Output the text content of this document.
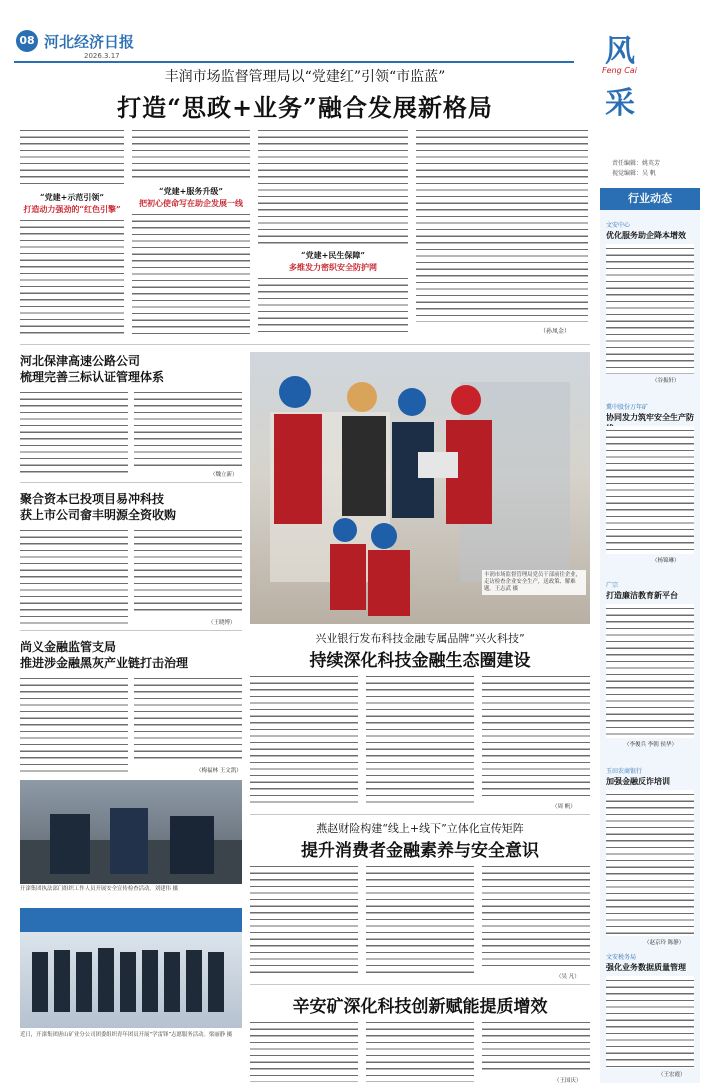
08 河北经济日报
2026.3.17	风
Feng Cai
采
责任编辑：姚英芳
视觉编辑：吴 帆
丰润市场监督管理局以“党建红”引领“市监蓝”
打造“思政+业务”融合发展新格局
“党建+示范引领”
打造动力强劲的“红色引擎”
“党建+服务升级”
把初心使命写在助企发展一线
“党建+民生保障”
多维发力密织安全防护网
（孙凤金）
行业动态
文安中心
优化服务助企降本增效
（谷振轩）
冀中股份万年矿
协同发力筑牢安全生产防
（杨锦琳）
广宗
打造廉洁教育新平台
（李俊兵 李朝 侯华）
玉田农商银行
加强金融反诈培训
（赵京玲 陈静）
文安税务局
强化业务数据质量管理
（王宏霞）
河北保津高速公路公司
梳理完善三标认证管理体系
（魏立新）
聚合资本已投项目易冲科技
获上市公司畲丰明源全资收购
（王晓博）
尚义金融监管支局
推进涉金融黑灰产业链打击治理
（梅福林 王文凯）
丰润市场监督管理局党员干部前往企业，走访检查企业安全生产，送政策、解难题。王志武 摄
兴业银行发布科技金融专属品牌“兴火科技”
持续深化科技金融生态圈建设
（周 帆）
开滦集团执法部门组织工作人员开展安全宣传检查活动。刘建伟 摄
近日，开滦集团唐山矿业分公司团委组织青年团员开展“学雷锋”志愿服务活动。梁丽静 摄
燕赵财险构建“线上+线下”立体化宣传矩阵
提升消费者金融素养与安全意识
（吴 凡）
辛安矿深化科技创新赋能提质增效
（王国庆）
